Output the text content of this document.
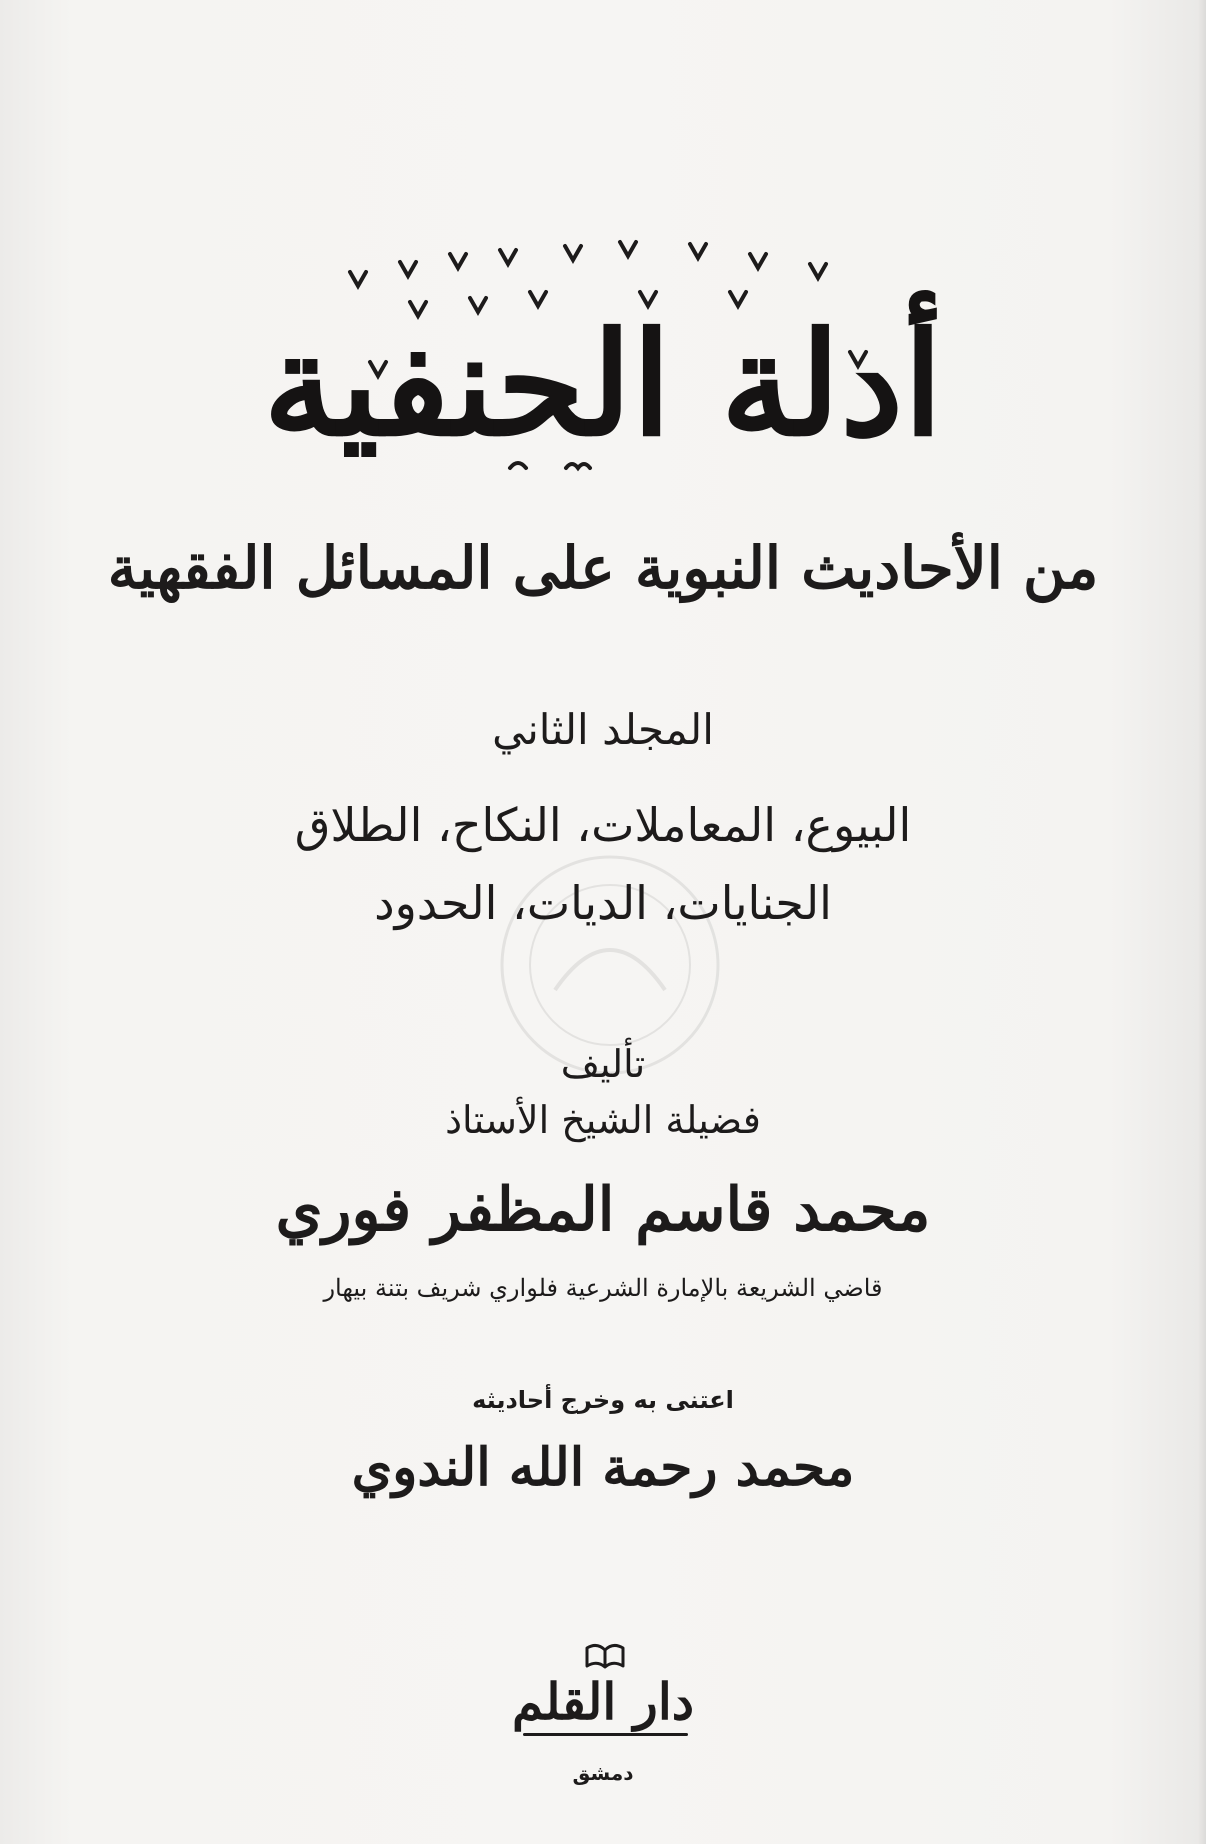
أدلة الحنفية
من الأحاديث النبوية على المسائل الفقهية
المجلد الثاني
البيوع، المعاملات، النكاح، الطلاق
الجنايات، الديات، الحدود
تأليف
فضيلة الشيخ الأستاذ
محمد قاسم المظفر فوري
قاضي الشريعة بالإمارة الشرعية فلواري شريف بتنة بيهار
اعتنى به وخرج أحاديثه
محمد رحمة الله الندوي
دار القلم
دمشق
